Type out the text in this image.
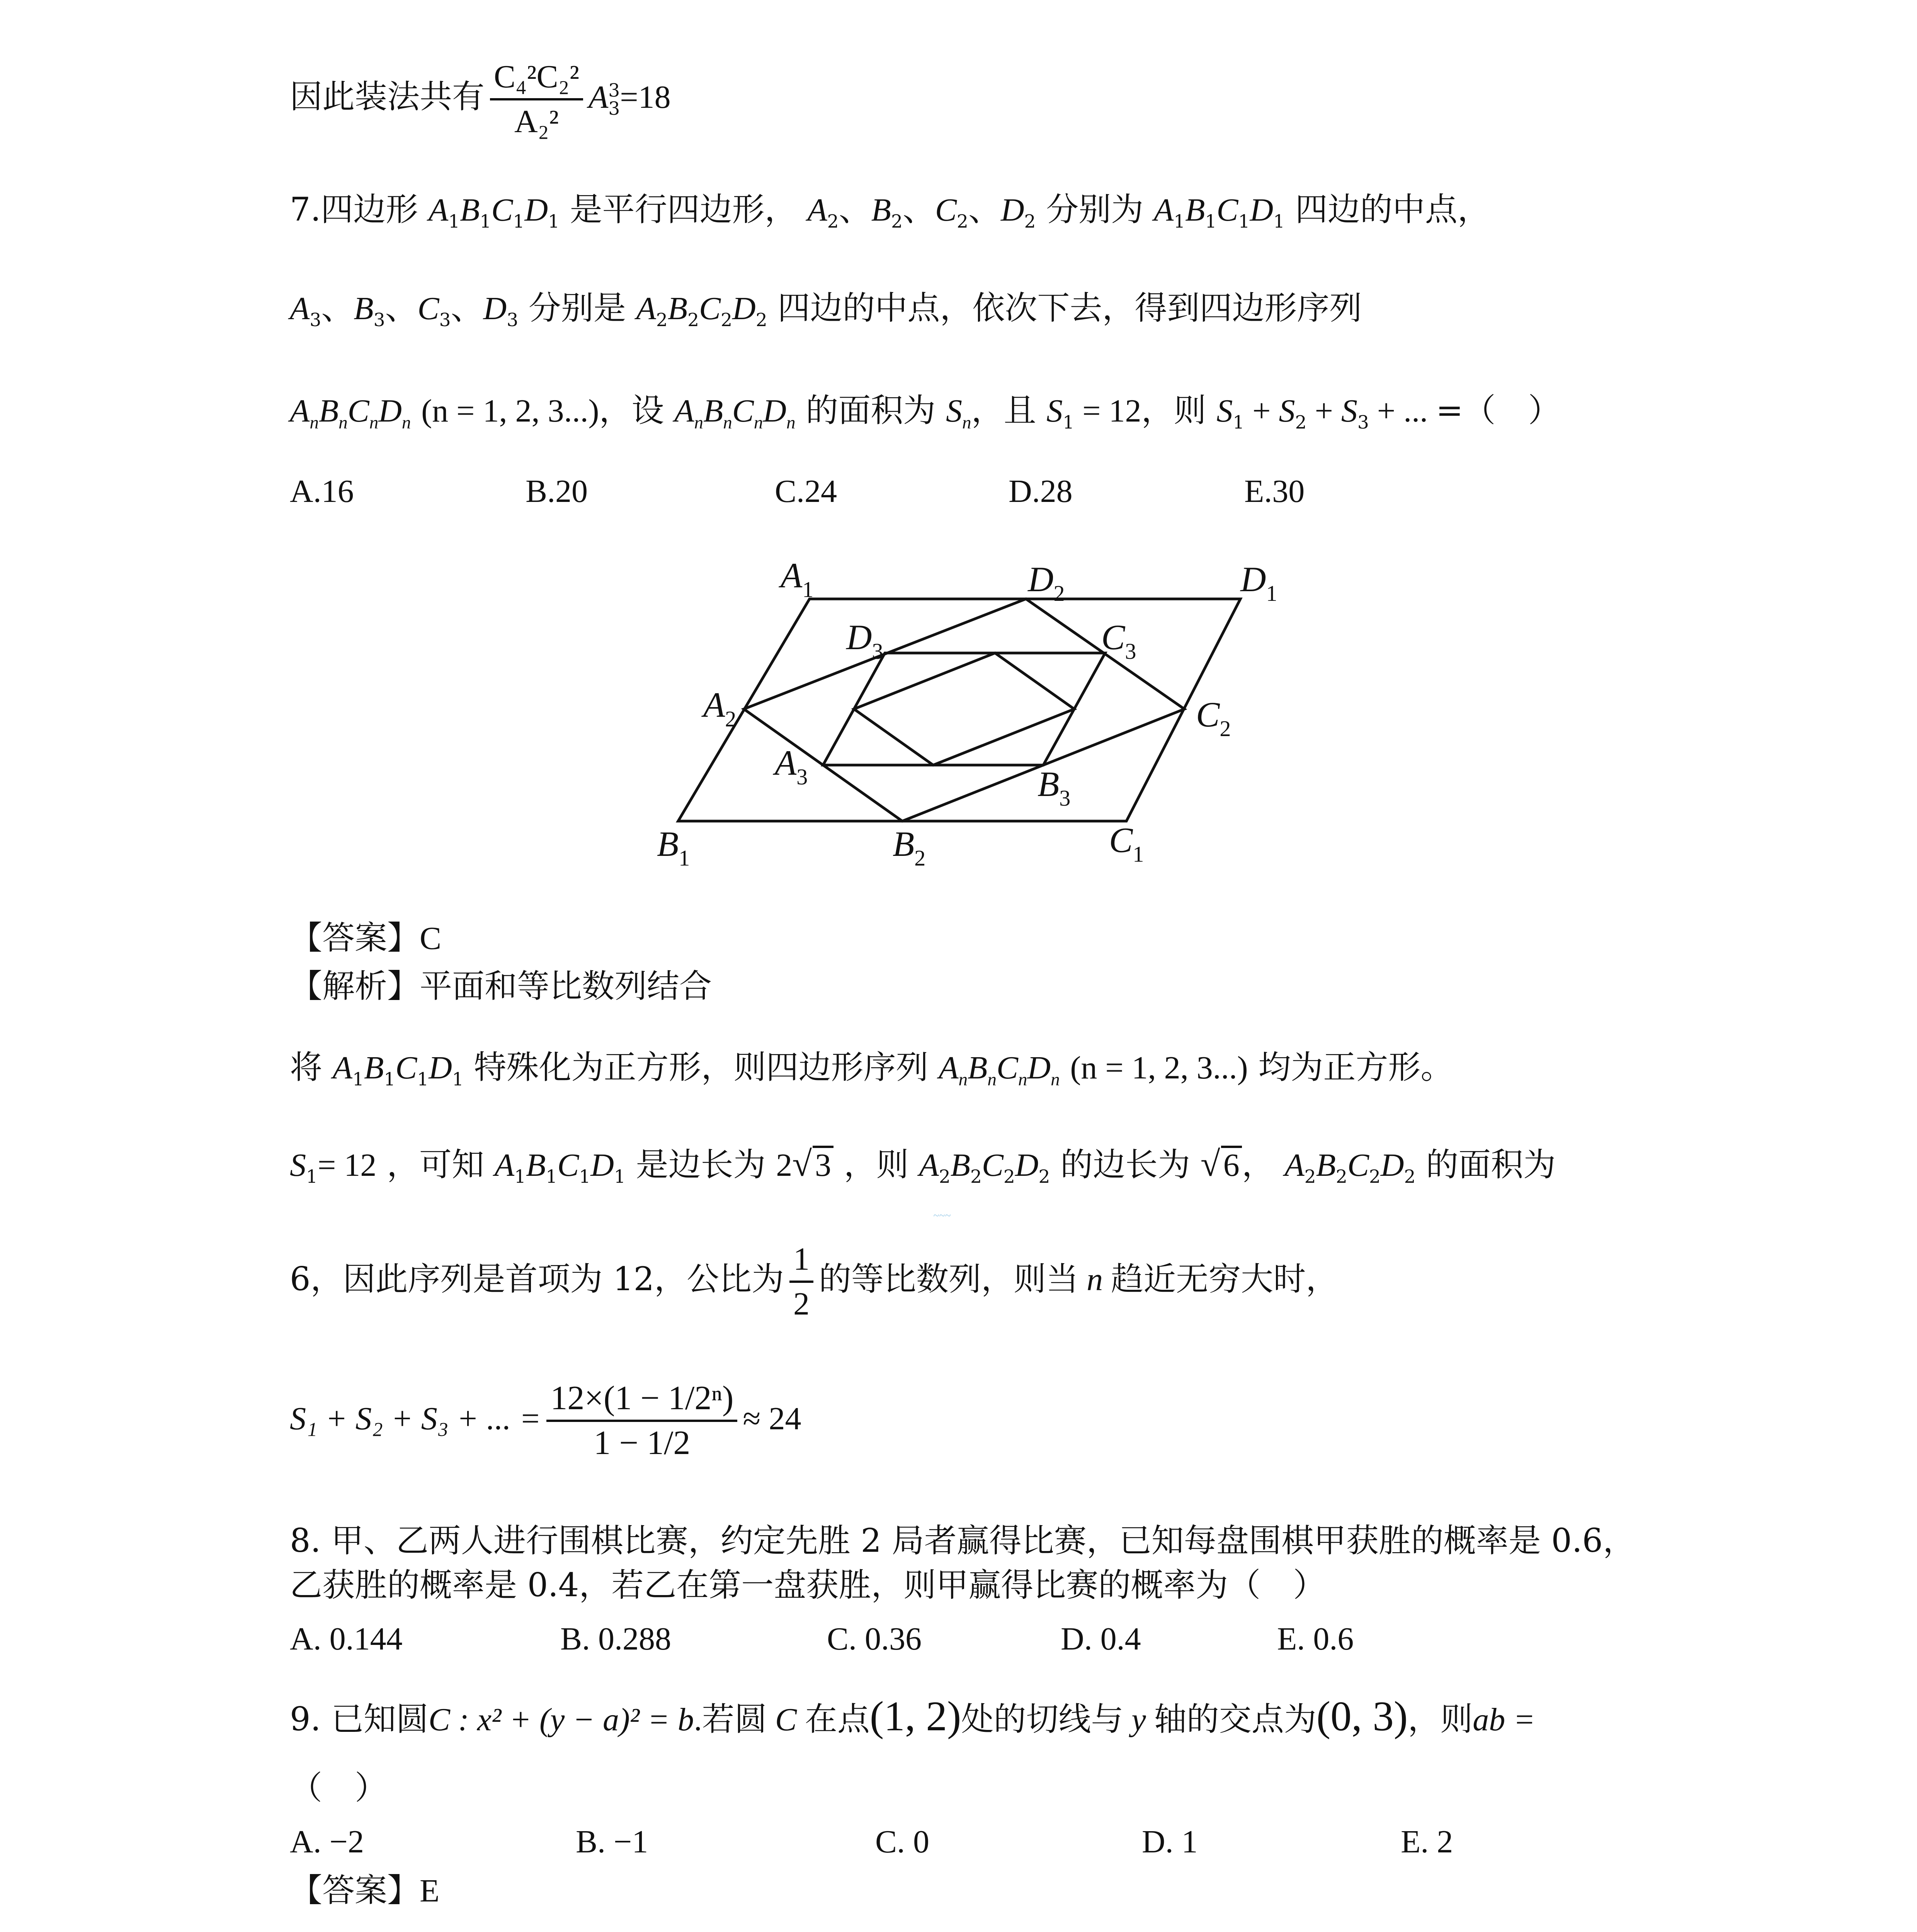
因此装法共有 $\frac{\text{C₄²C₂²}}{\text{A₂²}} A_3^3=18$
7.四边形 $A_1B_1C_1D_1$ 是平行四边形， $A_2$、$B_2$、$C_2$、$D_2$ 分别为 $A_1B_1C_1D_1$ 四边的中点，
$A_3$、$B_3$、$C_3$、$D_3$ 分别是 $A_2B_2C_2D_2$ 四边的中点，依次下去，得到四边形序列
$A_nB_nC_nD_n$ (n = 1, 2, 3...)，设 $A_nB_nC_nD_n$ 的面积为 $S_n$，且 $S_1 = 12$，则 $S_1 + S_2 + S_3$ + ... =（　）
A.16	B.20	C.24	D.28	E.30
$A_1$	$D_2$	$D_1$
$D_3$	$C_3$
$A_2$	$C_2$
$A_3$	$B_3$
$B_1$	$B_2$	$C_1$
【答案】C
【解析】平面和等比数列结合
将 $A_1B_1C_1D_1$ 特殊化为正方形，则四边形序列 $A_nB_nC_nD_n$ (n = 1, 2, 3...) 均为正方形。
$S_1= 12$ ，可知 $A_1B_1C_1D_1$ 是边长为 2√3 ，则 $A_2B_2C_2D_2$ 的边长为 √6， $A_2B_2C_2D_2$ 的面积为
6，因此序列是首项为 12，公比为 $\frac{1}{2}$ 的等比数列，则当 n 趋近无穷大时，
S₁ + S₂ + S₃ + ... = $\frac{\text{12×(1 − 1/2ⁿ)}}{1 - 1/2} \approx 24$
~~~
8. 甲、乙两人进行围棋比赛，约定先胜 2 局者赢得比赛，已知每盘围棋甲获胜的概率是 0.6，
乙获胜的概率是 0.4，若乙在第一盘获胜，则甲赢得比赛的概率为（　）
A. 0.144	B. 0.288	C. 0.36	D. 0.4	E. 0.6
9. 已知圆C : x² + (y − a)² = b.若圆 C 在点(1, 2)处的切线与 y 轴的交点为(0, 3)，则ab =
（　）
A. −2	B. −1	C. 0	D. 1	E. 2
【答案】E
